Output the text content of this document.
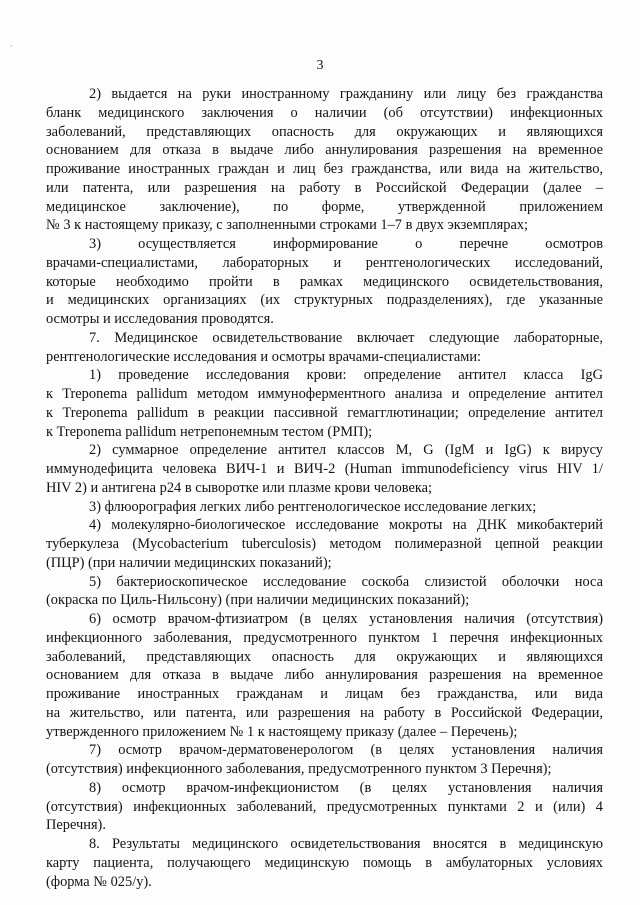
·
3
2) выдается на руки иностранному гражданину или лицу без гражданства
бланк медицинского заключения о наличии (об отсутствии) инфекционных
заболеваний, представляющих опасность для окружающих и являющихся
основанием для отказа в выдаче либо аннулирования разрешения на временное
проживание иностранных граждан и лиц без гражданства, или вида на жительство,
или патента, или разрешения на работу в Российской Федерации (далее –
медицинское заключение), по форме, утвержденной приложением
№ 3 к настоящему приказу, с заполненными строками 1–7 в двух экземплярах;
3) осуществляется информирование о перечне осмотров
врачами-специалистами, лабораторных и рентгенологических исследований,
которые необходимо пройти в рамках медицинского освидетельствования,
и медицинских организациях (их структурных подразделениях), где указанные
осмотры и исследования проводятся.
7. Медицинское освидетельствование включает следующие лабораторные,
рентгенологические исследования и осмотры врачами-специалистами:
1) проведение исследования крови: определение антител класса IgG
к Treponema pallidum методом иммуноферментного анализа и определение антител
к Treponema pallidum в реакции пассивной гемагглютинации; определение антител
к Treponema pallidum нетрепонемным тестом (РМП);
2) суммарное определение антител классов M, G (IgM и IgG) к вирусу
иммунодефицита человека ВИЧ-1 и ВИЧ-2 (Human immunodeficiency virus HIV 1/
HIV 2) и антигена p24 в сыворотке или плазме крови человека;
3) флюорография легких либо рентгенологическое исследование легких;
4) молекулярно-биологическое исследование мокроты на ДНК микобактерий
туберкулеза (Mycobacterium tuberculosis) методом полимеразной цепной реакции
(ПЦР) (при наличии медицинских показаний);
5) бактериоскопическое исследование соскоба слизистой оболочки носа
(окраска по Циль-Нильсону) (при наличии медицинских показаний);
6) осмотр врачом-фтизиатром (в целях установления наличия (отсутствия)
инфекционного заболевания, предусмотренного пунктом 1 перечня инфекционных
заболеваний, представляющих опасность для окружающих и являющихся
основанием для отказа в выдаче либо аннулирования разрешения на временное
проживание иностранных гражданам и лицам без гражданства, или вида
на жительство, или патента, или разрешения на работу в Российской Федерации,
утвержденного приложением № 1 к настоящему приказу (далее – Перечень);
7) осмотр врачом-дерматовенерологом (в целях установления наличия
(отсутствия) инфекционного заболевания, предусмотренного пунктом 3 Перечня);
8) осмотр врачом-инфекционистом (в целях установления наличия
(отсутствия) инфекционных заболеваний, предусмотренных пунктами 2 и (или) 4
Перечня).
8. Результаты медицинского освидетельствования вносятся в медицинскую
карту пациента, получающего медицинскую помощь в амбулаторных условиях
(форма № 025/у).
